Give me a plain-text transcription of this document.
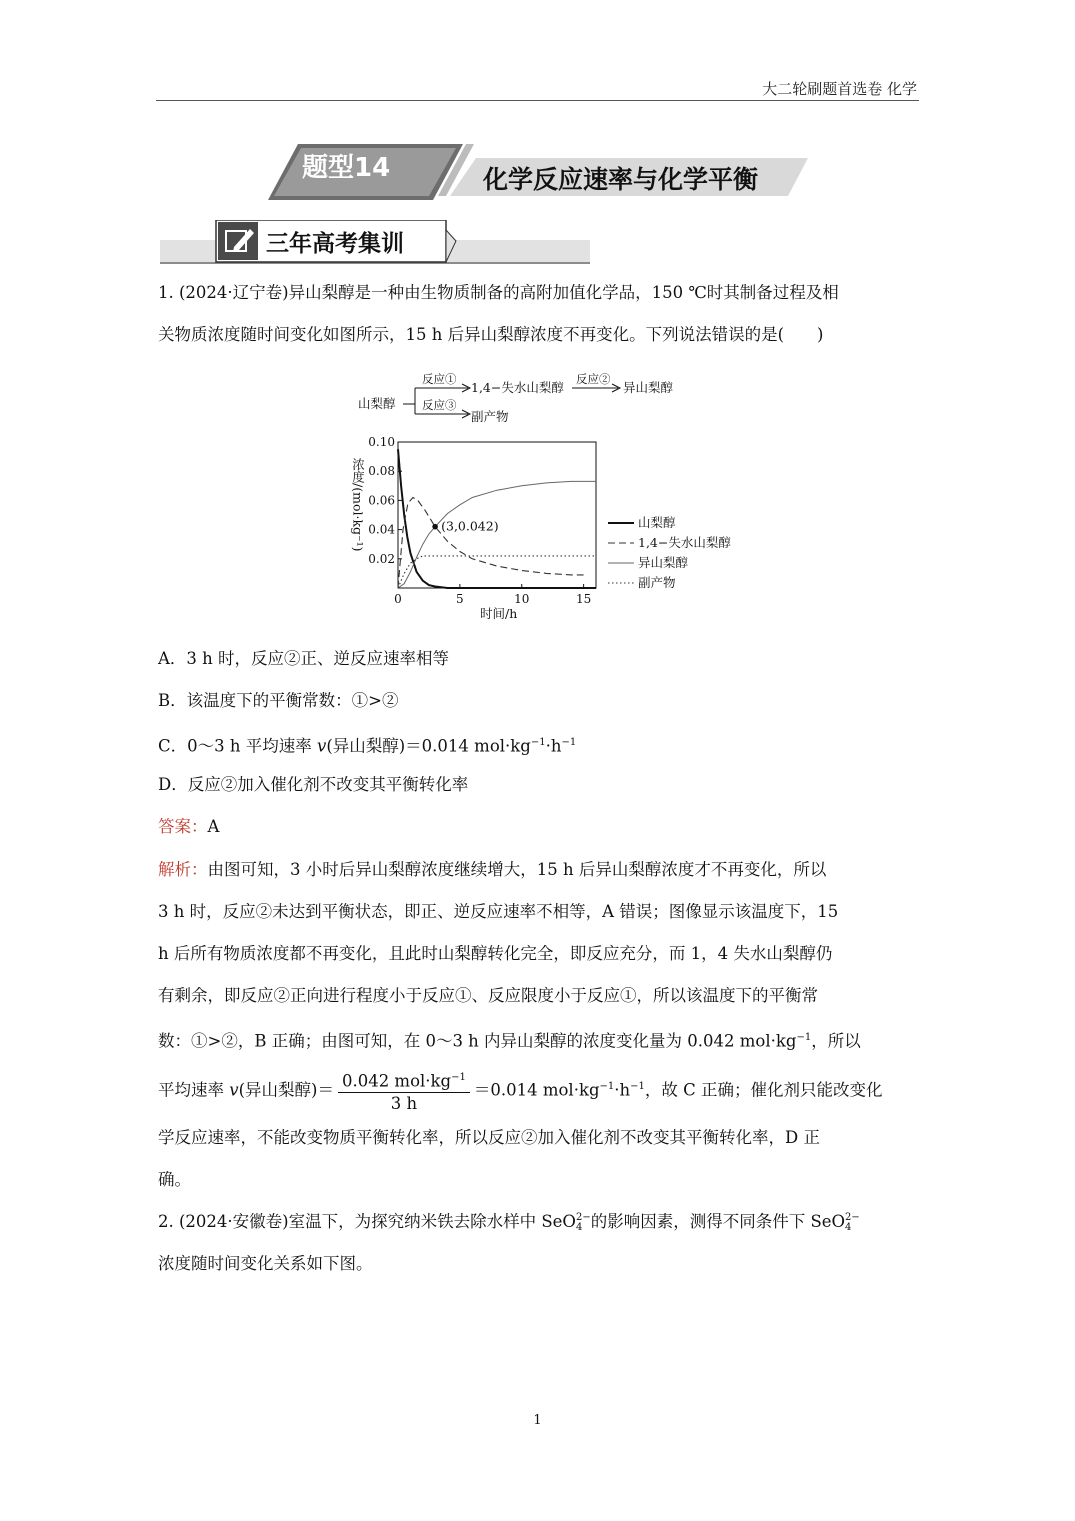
大二轮刷题首选卷 化学
题型14	化学反应速率与化学平衡
三年高考集训

1. (2024·辽宁卷)异山梨醇是一种由生物质制备的高附加值化学品，150 ℃时其制备过程及相

关物质浓度随时间变化如图所示，15 h 后异山梨醇浓度不再变化。下列说法错误的是(　　)

山梨醇
反应①
反应③
1,4−失水山梨醇
反应②
异山梨醇
副产物
浓度/(mol·kg⁻¹)
时间/h
0	5	10	15
0.02
0.04
0.06
0.08
0.10
山梨醇
1,4−失水山梨醇
异山梨醇
副产物
(3,0.042)

A．3 h 时，反应②正、逆反应速率相等

B．该温度下的平衡常数：①>②

C．0～3 h 平均速率 v(异山梨醇)＝0.014 $mol\cdot kg^{-1}\cdot h^{-1}$

D．反应②加入催化剂不改变其平衡转化率

答案：A

解析：由图可知，3 小时后异山梨醇浓度继续增大，15 h 后异山梨醇浓度才不再变化，所以

3 h 时，反应②未达到平衡状态，即正、逆反应速率不相等，A 错误；图像显示该温度下，15

h 后所有物质浓度都不再变化，且此时山梨醇转化完全，即反应充分，而 1，4 失水山梨醇仍

有剩余，即反应②正向进行程度小于反应①、反应限度小于反应①，所以该温度下的平衡常

数：①>②，B 正确；由图可知，在 0～3 h 内异山梨醇的浓度变化量为 0.042 $mol\cdot kg^{-1}$，所以

平均速率 v(异山梨醇)＝ $\frac{0.042 mol\cdot kg^{-1}}{3 h} =0.014$ $mol\cdot kg^{-1}\cdot h^{-1}$，故 C 正确；催化剂只能改变化

学反应速率，不能改变物质平衡转化率，所以反应②加入催化剂不改变其平衡转化率，D 正

确。

2. (2024·安徽卷)室温下，为探究纳米铁去除水样中 SeO 2−
4 的影响因素，测得不同条件下 SeO 2−
4

浓度随时间变化关系如下图。

1
